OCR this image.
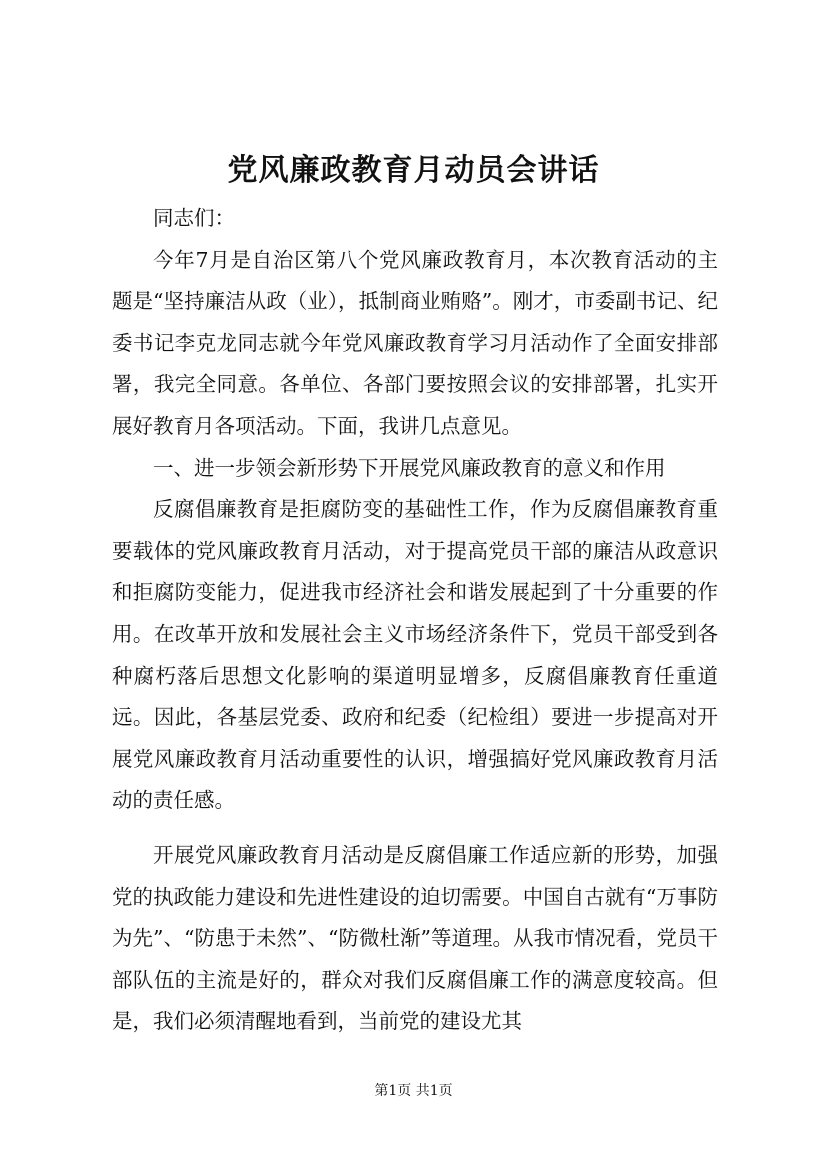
党风廉政教育月动员会讲话

同志们：

今年7月是自治区第八个党风廉政教育月，本次教育活动的主题是“坚持廉洁从政（业），抵制商业贿赂”。刚才，市委副书记、纪委书记李克龙同志就今年党风廉政教育学习月活动作了全面安排部署，我完全同意。各单位、各部门要按照会议的安排部署，扎实开展好教育月各项活动。下面，我讲几点意见。

一、进一步领会新形势下开展党风廉政教育的意义和作用

反腐倡廉教育是拒腐防变的基础性工作，作为反腐倡廉教育重要载体的党风廉政教育月活动，对于提高党员干部的廉洁从政意识和拒腐防变能力，促进我市经济社会和谐发展起到了十分重要的作用。在改革开放和发展社会主义市场经济条件下，党员干部受到各种腐朽落后思想文化影响的渠道明显增多，反腐倡廉教育任重道远。因此，各基层党委、政府和纪委（纪检组）要进一步提高对开展党风廉政教育月活动重要性的认识，增强搞好党风廉政教育月活动的责任感。

开展党风廉政教育月活动是反腐倡廉工作适应新的形势，加强党的执政能力建设和先进性建设的迫切需要。中国自古就有“万事防为先”、“防患于未然”、“防微杜渐”等道理。从我市情况看，党员干部队伍的主流是好的，群众对我们反腐倡廉工作的满意度较高。但是，我们必须清醒地看到，当前党的建设尤其

第1页 共1页
